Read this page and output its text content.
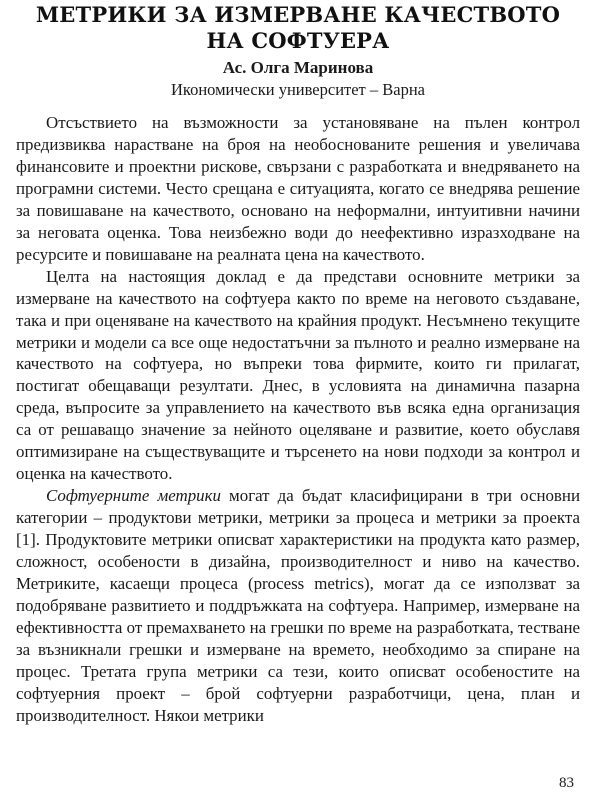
МЕТРИКИ ЗА ИЗМЕРВАНЕ КАЧЕСТВОТО
НА СОФТУЕРА
Ас. Олга Маринова
Икономически университет – Варна

Отсъствието на възможности за установяване на пълен контрол предизвиква нарастване на броя на необоснованите решения и увеличава финансовите и проектни рискове, свързани с разработката и внедряването на програмни системи. Често срещана е ситуацията, когато се внедрява решение за повишаване на качеството, основано на неформални, интуитивни начини за неговата оценка. Това неизбежно води до неефективно изразходване на ресурсите и повишаване на реалната цена на качеството.

Целта на настоящия доклад е да представи основните метрики за измерване на качеството на софтуера както по време на неговото създаване, така и при оценяване на качеството на крайния продукт. Несъмнено текущите метрики и модели са все още недостатъчни за пълното и реално измерване на качеството на софтуера, но въпреки това фирмите, които ги прилагат, постигат обещаващи резултати. Днес, в условията на динамична пазарна среда, въпросите за управлението на качеството във всяка една организация са от решаващо значение за нейното оцеляване и развитие, което обуславя оптимизиране на съществуващите и търсенето на нови подходи за контрол и оценка на качеството.

Софтуерните метрики могат да бъдат класифицирани в три основни категории – продуктови метрики, метрики за процеса и метрики за проекта [1]. Продуктовите метрики описват характеристики на продукта като размер, сложност, особености в дизайна, производителност и ниво на качество. Метриките, касаещи процеса (process metrics), могат да се използват за подобряване развитието и поддръжката на софтуера. Например, измерване на ефективността от премахването на грешки по време на разработката, тестване за възникнали грешки и измерване на времето, необходимо за спиране на процес. Третата група метрики са тези, които описват особеностите на софтуерния проект – брой софтуерни разработчици, цена, план и производителност. Някои метрики

83
